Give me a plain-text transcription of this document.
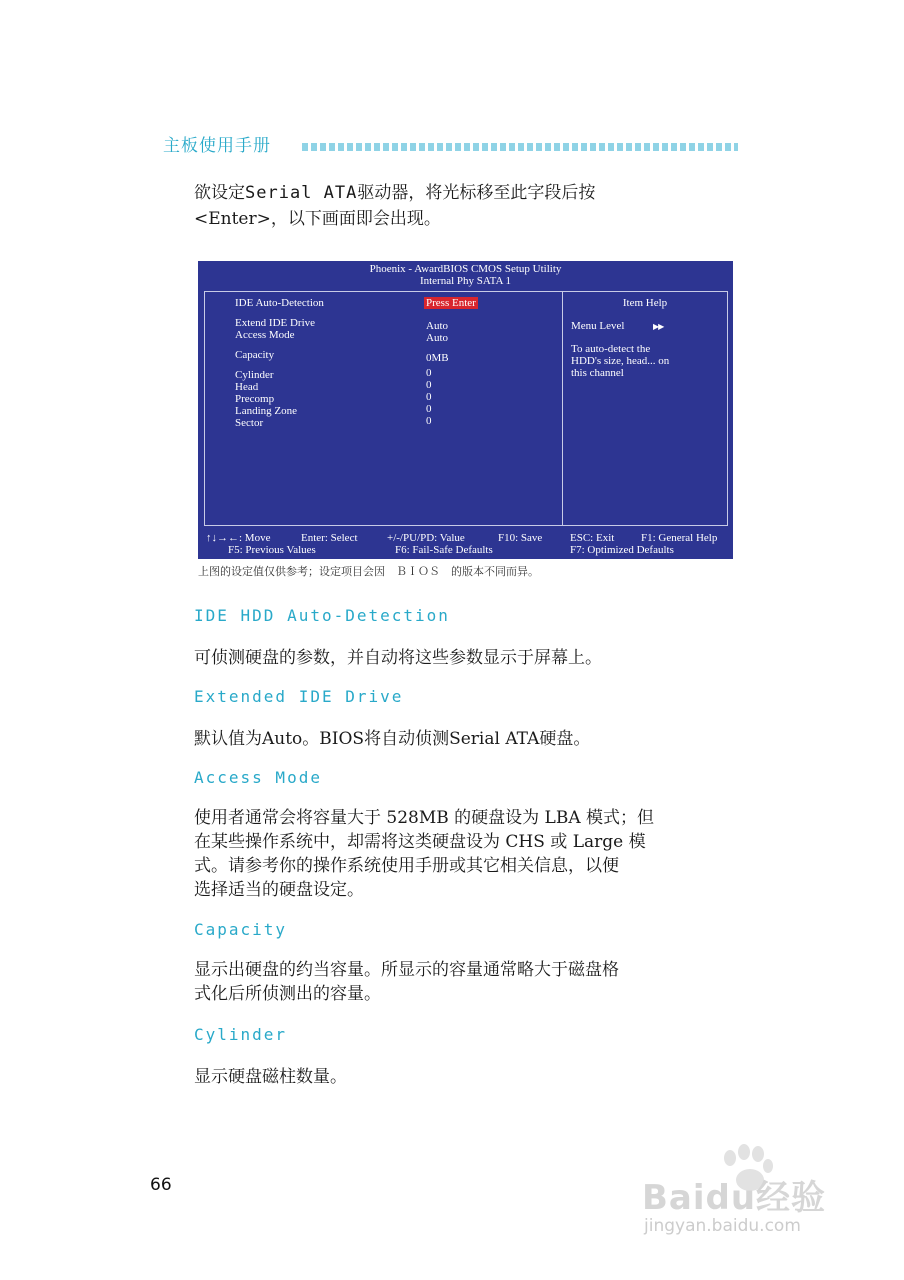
主板使用手册
欲设定Serial ATA驱动器，将光标移至此字段后按
<Enter>，以下画面即会出现。
Phoenix - AwardBIOS CMOS Setup Utility
Internal Phy SATA 1
IDE Auto-Detection	Press Enter
Extend IDE Drive	Auto
Access Mode	Auto
Capacity	0MB
Cylinder	0
Head	0
Precomp	0
Landing Zone	0
Sector	0
Item Help
Menu Level	▶▶
To auto-detect the
HDD's size, head... on
this channel
↑↓→←: Move	Enter: Select	+/-/PU/PD: Value	F10: Save	ESC: Exit F1: General Help
F5: Previous Values	F6: Fail-Safe Defaults	F7: Optimized Defaults
上图的设定值仅供参考；设定项目会因　ＢＩＯＳ　的版本不同而异。
IDE HDD Auto-Detection
可侦测硬盘的参数，并自动将这些参数显示于屏幕上。
Extended IDE Drive
默认值为Auto。BIOS将自动侦测Serial ATA硬盘。
Access Mode
使用者通常会将容量大于 528MB 的硬盘设为 LBA 模式；但
在某些操作系统中，却需将这类硬盘设为 CHS 或 Large 模
式。请参考你的操作系统使用手册或其它相关信息，以便
选择适当的硬盘设定。
Capacity
显示出硬盘的约当容量。所显示的容量通常略大于磁盘格
式化后所侦测出的容量。
Cylinder
显示硬盘磁柱数量。
66	Baidu经验
jingyan.baidu.com
